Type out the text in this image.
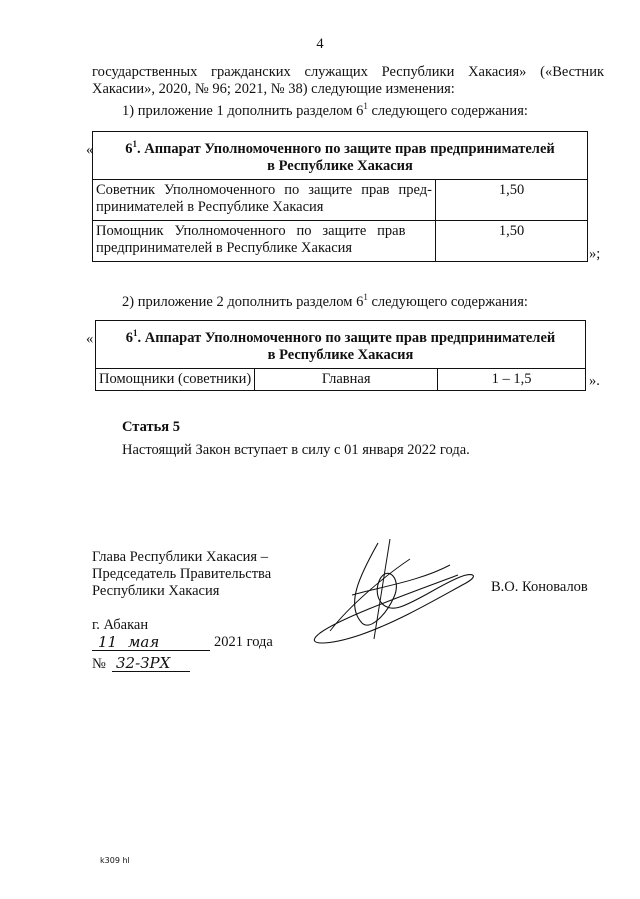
4
государственных гражданских служащих Республики Хакасия» («Вестник
Хакасии», 2020, № 96; 2021, № 38) следующие изменения:
1) приложение 1 дополнить разделом $6^1$ следующего содержания:
«	$6^1$. Аппарат Уполномоченного по защите прав предпринимателей
в Республике Хакасия	

Советник Уполномоченного по защите прав пред-
принимателей в Республике Хакасия	1,50

Помощник   Уполномоченного   по   защите   прав
предпринимателей в Республике Хакасия	1,50
»;
2) приложение 2 дополнить разделом $6^1$ следующего содержания:
«	$6^1$. Аппарат Уполномоченного по защите прав предпринимателей
в Республике Хакасия

Помощники (советники)	Главная	1 – 1,5	».
Статья 5
Настоящий Закон вступает в силу с 01 января 2022 года.
Глава Республики Хакасия –
Председатель Правительства
Республики Хакасия	В.О. Коновалов
г. Абакан
11 мая	2021 года
№ 32-ЗРХ
k309 hl
